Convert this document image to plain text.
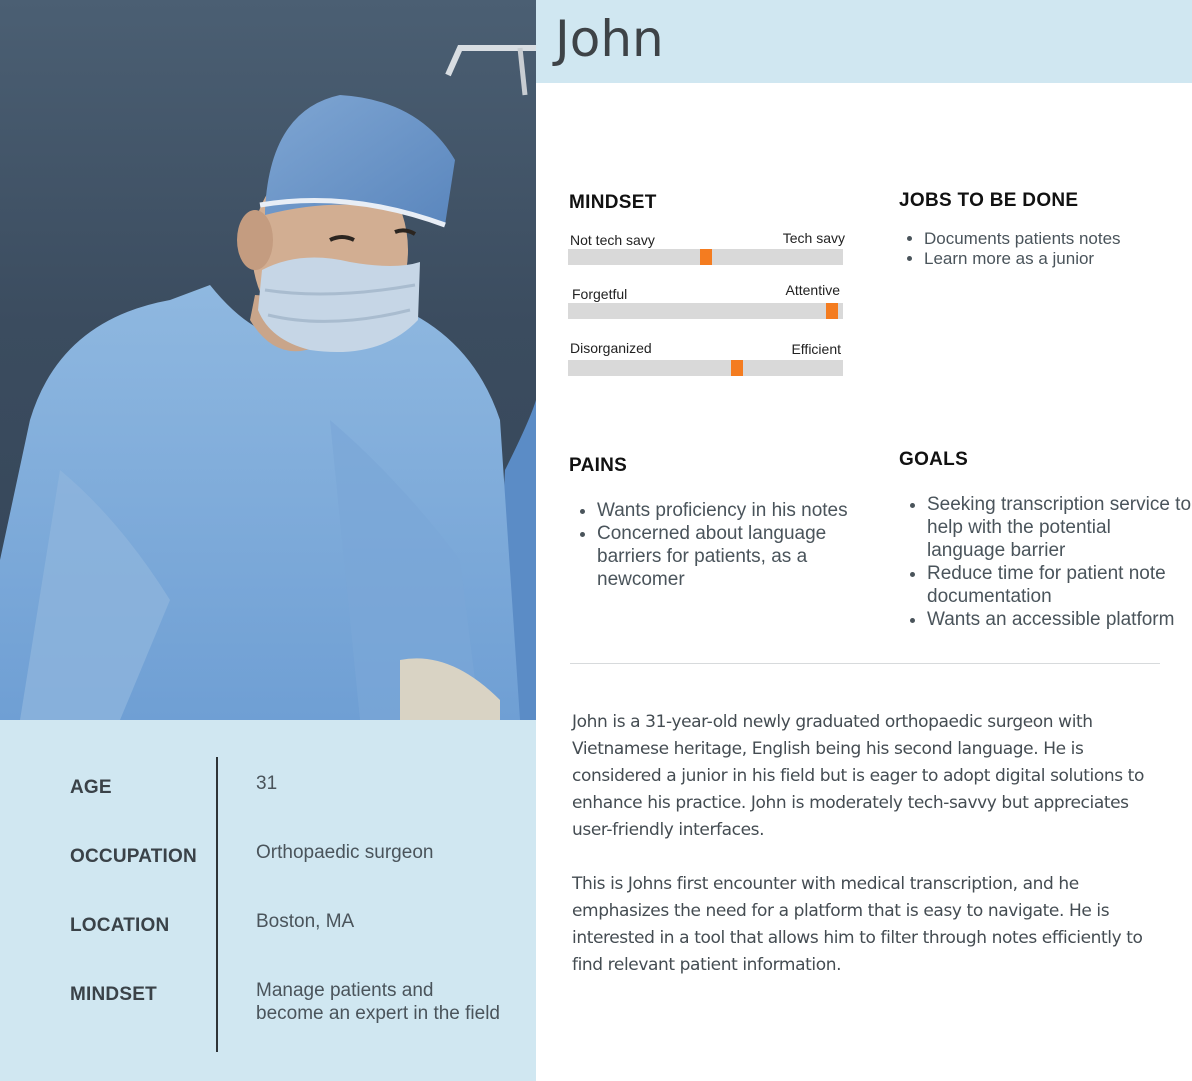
AGE	31
OCCUPATION	Orthopaedic surgeon
LOCATION	Boston, MA
MINDSET	Manage patients and become an expert in the field
John
MINDSET
Not tech savy	Tech savy
Forgetful	Attentive
Disorganized	Efficient
JOBS TO BE DONE
• Documents patients notes
• Learn more as a junior
PAINS
• Wants proficiency in his notes
• Concerned about language barriers for patients, as a newcomer
GOALS
• Seeking transcription service to help with the potential language barrier
• Reduce time for patient note documentation
• Wants an accessible platform

John is a 31-year-old newly graduated orthopaedic surgeon with Vietnamese heritage, English being his second language. He is considered a junior in his field but is eager to adopt digital solutions to enhance his practice. John is moderately tech-savvy but appreciates user-friendly interfaces.

This is Johns first encounter with medical transcription, and he emphasizes the need for a platform that is easy to navigate. He is interested in a tool that allows him to filter through notes efficiently to find relevant patient information.
